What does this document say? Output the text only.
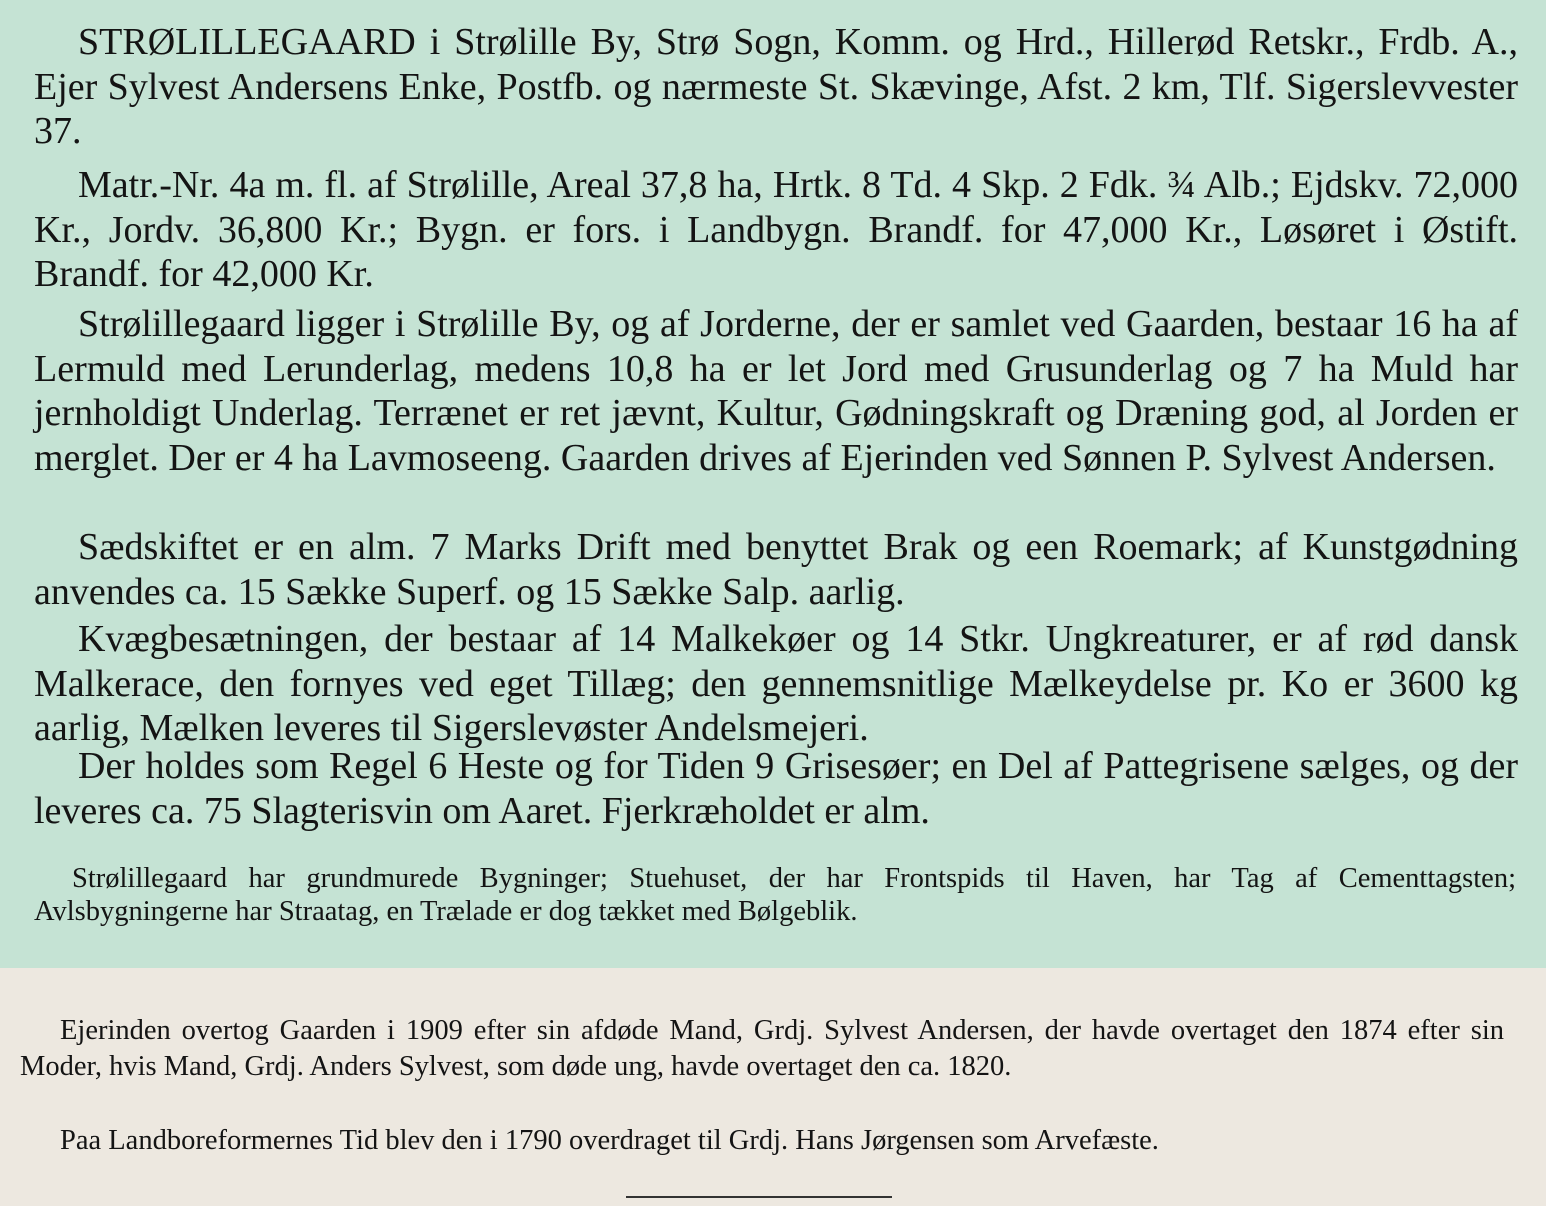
STRØLILLEGAARD i Strølille By, Strø Sogn, Komm. og Hrd., Hillerød Retskr., Frdb. A., Ejer Sylvest Andersens Enke, Postfb. og nærmeste St. Skævinge, Afst. 2 km, Tlf. Sigerslevvester 37.

Matr.-Nr. 4a m. fl. af Strølille, Areal 37,8 ha, Hrtk. 8 Td. 4 Skp. 2 Fdk. ¾ Alb.; Ejdskv. 72,000 Kr., Jordv. 36,800 Kr.; Bygn. er fors. i Landbygn. Brandf. for 47,000 Kr., Løsøret i Østift. Brandf. for 42,000 Kr.

Strølillegaard ligger i Strølille By, og af Jorderne, der er samlet ved Gaarden, bestaar 16 ha af Lermuld med Lerunderlag, medens 10,8 ha er let Jord med Grusunderlag og 7 ha Muld har jernholdigt Underlag. Terrænet er ret jævnt, Kultur, Gødningskraft og Dræning god, al Jorden er merglet. Der er 4 ha Lavmoseeng. Gaarden drives af Ejerinden ved Sønnen P. Sylvest Andersen.

Sædskiftet er en alm. 7 Marks Drift med benyttet Brak og een Roemark; af Kunstgødning anvendes ca. 15 Sække Superf. og 15 Sække Salp. aarlig.

Kvægbesætningen, der bestaar af 14 Malkekøer og 14 Stkr. Ungkreaturer, er af rød dansk Malkerace, den fornyes ved eget Tillæg; den gennemsnitlige Mælkeydelse pr. Ko er 3600 kg aarlig, Mælken leveres til Sigerslevøster Andelsmejeri.

Der holdes som Regel 6 Heste og for Tiden 9 Grisesøer; en Del af Pattegrisene sælges, og der leveres ca. 75 Slagterisvin om Aaret. Fjerkræholdet er alm.

Strølillegaard har grundmurede Bygninger; Stuehuset, der har Frontspids til Haven, har Tag af Cementtagsten; Avlsbygningerne har Straatag, en Trælade er dog tækket med Bølgeblik.

Ejerinden overtog Gaarden i 1909 efter sin afdøde Mand, Grdj. Sylvest Andersen, der havde overtaget den 1874 efter sin Moder, hvis Mand, Grdj. Anders Sylvest, som døde ung, havde overtaget den ca. 1820.

Paa Landboreformernes Tid blev den i 1790 overdraget til Grdj. Hans Jørgensen som Arvefæste.
